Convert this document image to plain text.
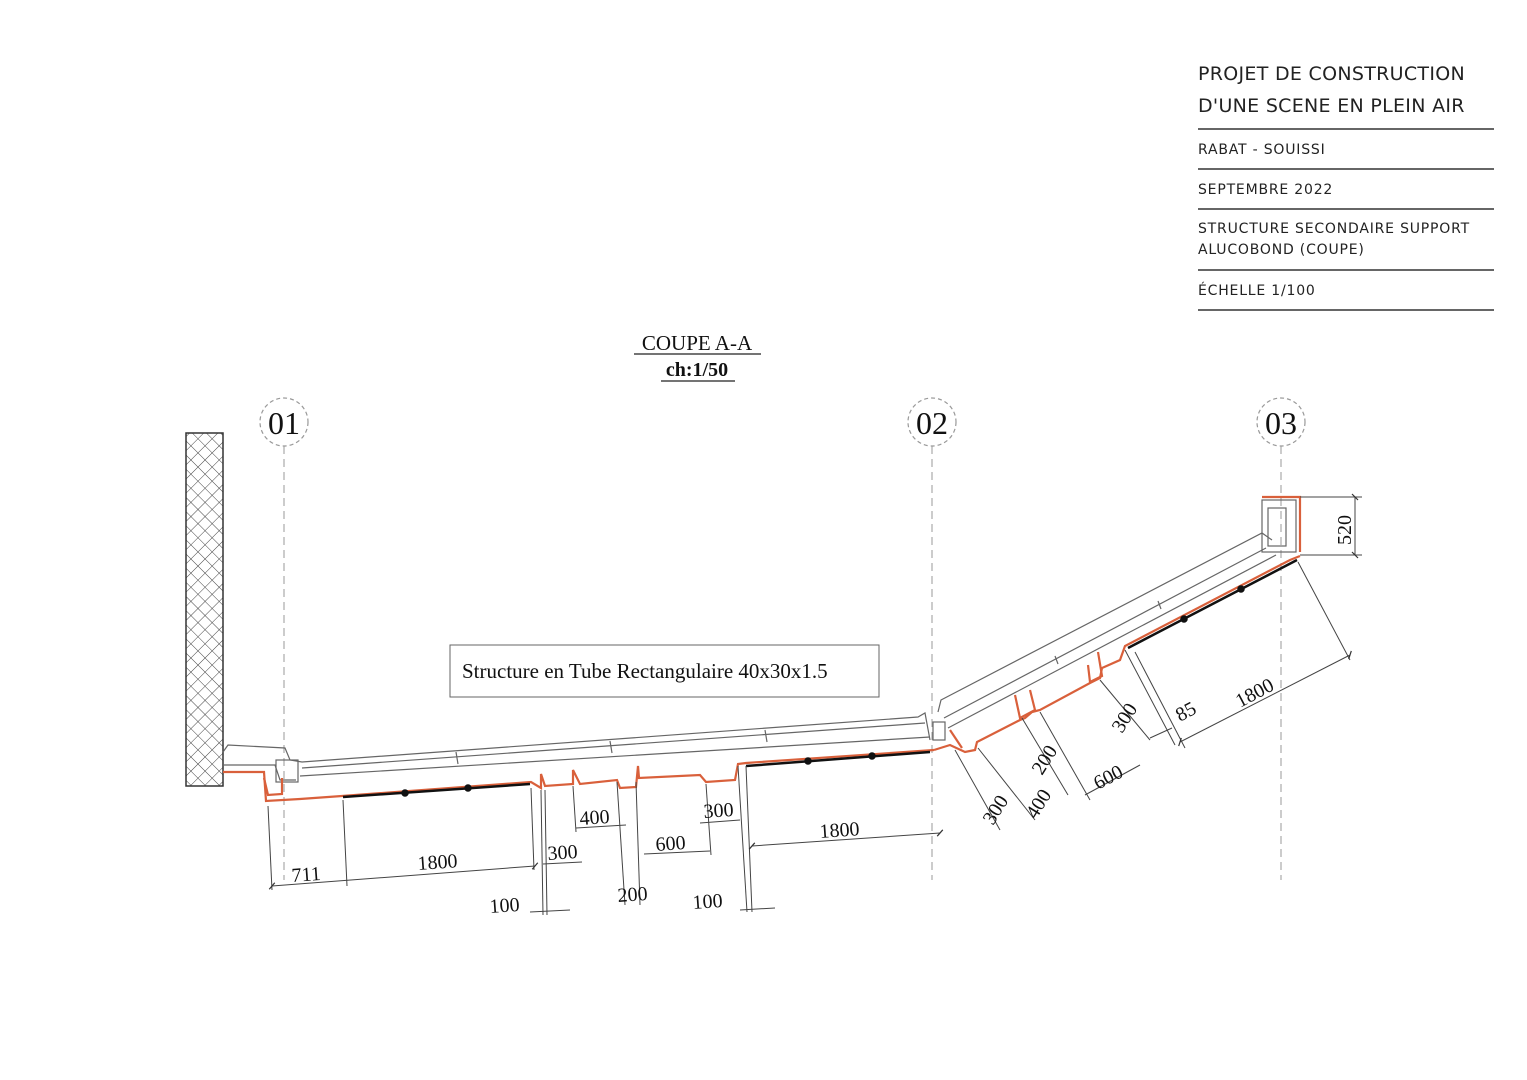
PROJET DE CONSTRUCTION
D'UNE SCENE EN PLEIN AIR
RABAT - SOUISSI
SEPTEMBRE 2022
STRUCTURE SECONDAIRE SUPPORT
ALUCOBOND (COUPE)
ÉCHELLE 1/100
COUPE A-A
ch:1/50
01	02	03
Structure en Tube Rectangulaire 40x30x1.5
711
1800	300
100
400
200
600
300
100
1800
300 400
200 600
300 85 1800
520
